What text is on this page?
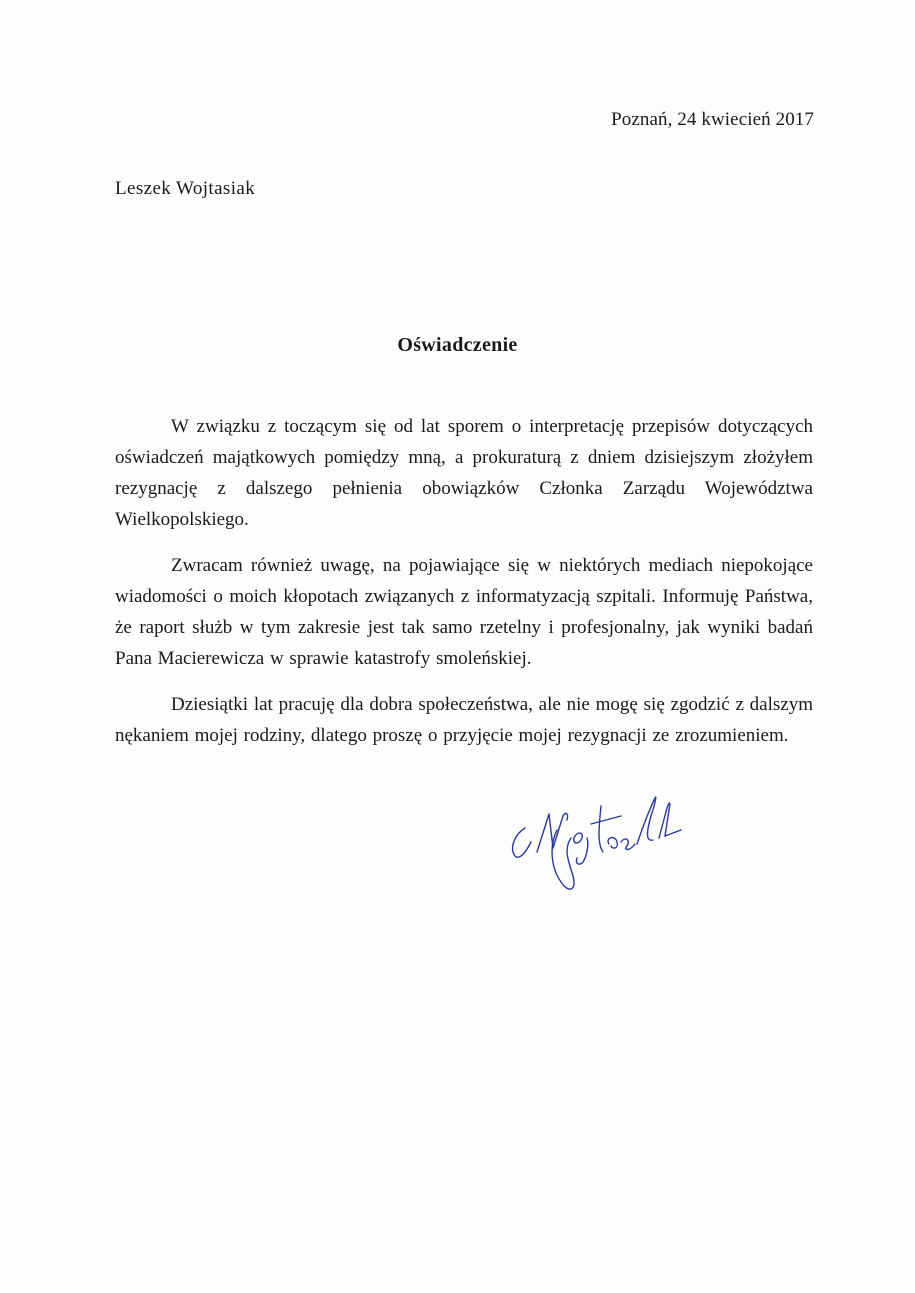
Poznań, 24 kwiecień 2017
Leszek Wojtasiak
Oświadczenie

W związku z toczącym się od lat sporem o interpretację przepisów dotyczących oświadczeń majątkowych pomiędzy mną, a prokuraturą z dniem dzisiejszym złożyłem rezygnację z dalszego pełnienia obowiązków Członka Zarządu Województwa Wielkopolskiego.

Zwracam również uwagę, na pojawiające się w niektórych mediach niepokojące wiadomości o moich kłopotach związanych z informatyzacją szpitali. Informuję Państwa, że raport służb w tym zakresie jest tak samo rzetelny i profesjonalny, jak wyniki badań Pana Macierewicza w sprawie katastrofy smoleńskiej.

Dziesiątki lat pracuję dla dobra społeczeństwa, ale nie mogę się zgodzić z dalszym nękaniem mojej rodziny, dlatego proszę o przyjęcie mojej rezygnacji ze zrozumieniem.
